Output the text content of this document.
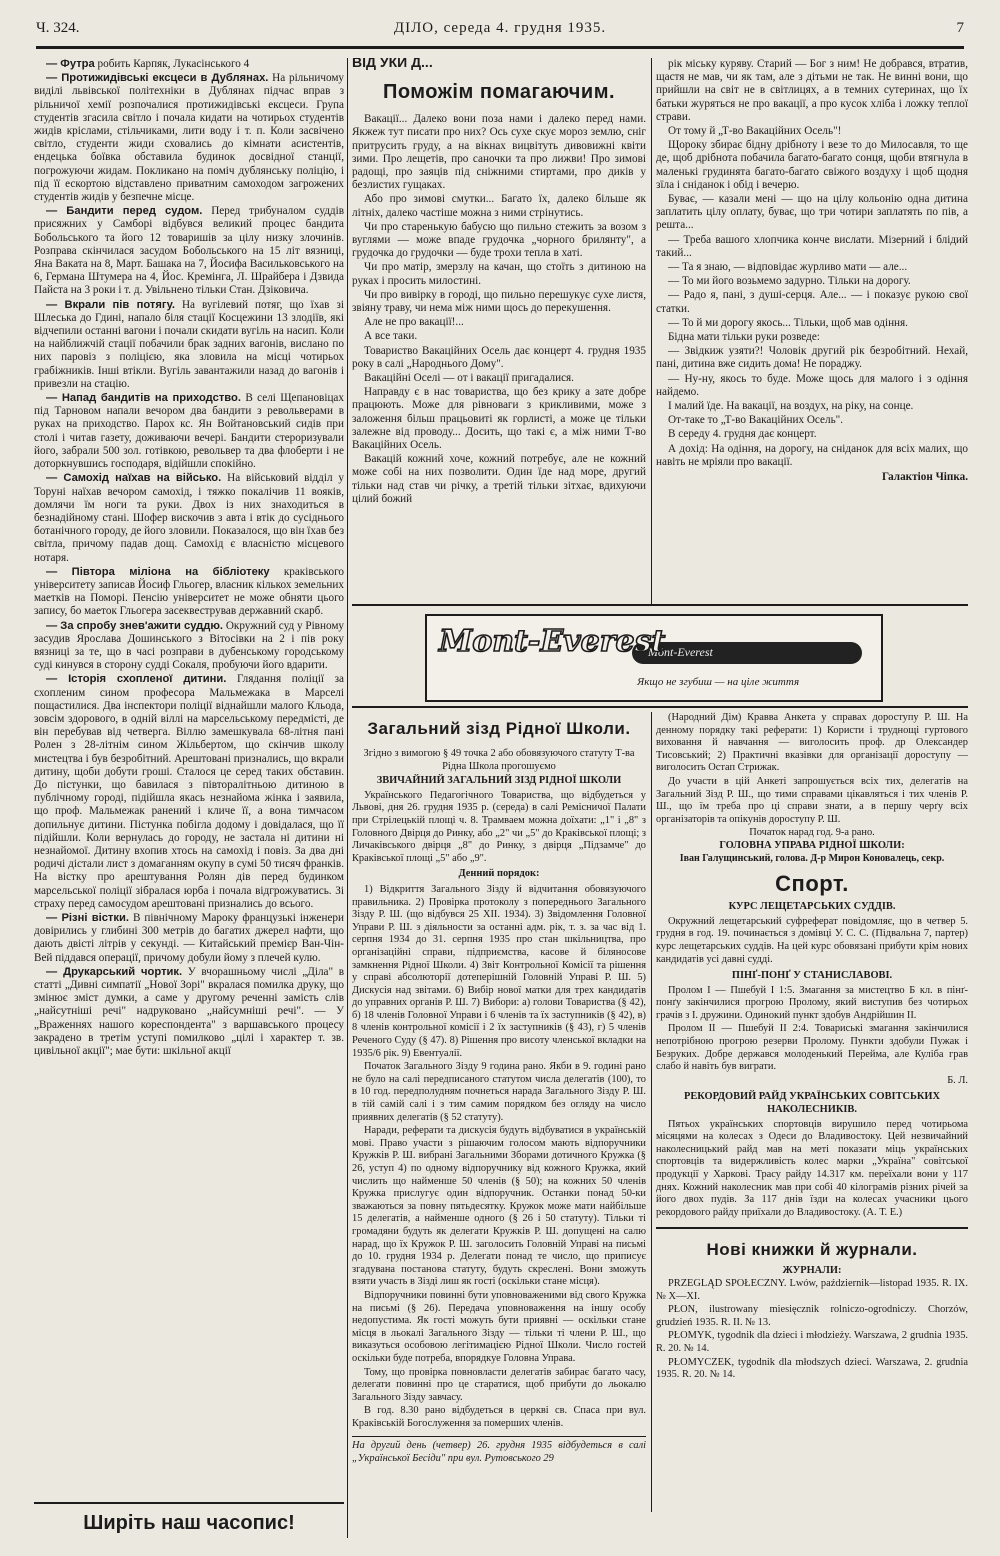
Ч. 324.	ДІЛО, середа 4. грудня 1935.	7

— Футра робить Карпяк, Лукасінського 4

— Протижидівські ексцеси в Дублянах. На рільничому виділі львівської політехніки в Дублянах підчас вправ з рільничої хемії розпочалися протижидівські ексцеси. Група студентів згасила світло і почала кидати на чотирьох студентів жидів кріслами, стільчиками, лити воду і т. п. Коли засвічено світло, студенти жиди сховались до кімнати асистентів, ендецька боївка обставила будинок досвідної станції, погрожуючи жидам. Покликано на поміч дублянську поліцію, і під її ескортою відставлено приватним самоходом загрожених студентів жидів у безпечне місце.

— Бандити перед судом. Перед трибуналом суддів присяжних у Самборі відбувся великий процес бандита Бобольського та його 12 товаришів за цілу низку злочинів. Розправа скінчилася засудом Бобольського на 15 літ вязниці, Яна Ваката на 8, Март. Башака на 7, Йосифа Васильковського на 6, Германа Штумера на 4, Йос. Кремінга, Л. Шрайбера і Дзвида Пайста на 3 роки і т. д. Увільнено тільки Стан. Дзіковича.

— Вкрали пів потягу. На вугілевий потяг, що їхав зі Шлеська до Гдині, напало біля стації Косцежини 13 злодіїв, які відчепили останні вагони і почали скидати вугіль на насип. Коли на найближчій стації побачили брак задних вагонів, вислано по них паровіз з поліцією, яка зловила на місці чотирьох грабіжників. Інші втікли. Вугіль завантажили назад до вагонів і привезли на стацію.

— Напад бандитів на приходство. В селі Щепановіцах під Тарновом напали вечором два бандити з револьверами в руках на приходство. Парох кс. Ян Войтановський сидів при столі і читав газету, доживаючи вечері. Бандити стероризували його, забрали 500 зол. готівкою, револьвер та два флоберти і не доторкнувшись господаря, відійшли спокійно.

— Самохід наїхав на військо. На військовий відділ у Торуні наїхав вечором самохід, і тяжко покалічив 11 вояків, домлячи їм ноги та руки. Двох із них знаходиться в безнадійному стані. Шофер вискочив з авта і втік до сусіднього ботанічного городу, де його зловили. Показалося, що він їхав без світла, причому падав дощ. Самохід є власністю місцевого нотаря.

— Півтора міліона на бібліотеку краківського університету записав Йосиф Гльогер, власник кількох земельних маетків на Поморі. Пенсію університет не може обняти цього запису, бо маеток Гльогера засеквестрував державний скарб.

— За спробу знев'ажити суддю. Окружний суд у Рівному засудив Ярослава Дошинського з Вітосівки на 2 і пів року вязниці за те, що в часі розправи в дубенському городському суді кинувся в сторону судді Сокаля, пробуючи його вдарити.

— Історія схопленої дитини. Глядання поліції за схопленим сином професора Мальмежака в Марселі пощастилися. Два інспектори поліції віднайшли малого Кльода, зовсім здорового, в одній віллі на марсельському передмісті, де він перебував від четверга. Віллю замешкувала 68-літня пані Ролен з 28-літнім сином Жільбертом, що скінчив школу мистецтва і був безробітний. Арештовані признались, що вкрали дитину, щоби добути гроші. Сталося це серед таких обставин. До пістунки, що бавилася з півторалітньою дитиною в публічному городі, підійшла якась незнайома жінка і заявила, що проф. Мальмежак ранений і кличе її, а вона тимчасом допильнує дитини. Пістунка побігла додому і довідалася, що її підійшли. Коли вернулась до городу, не застала ні дитини ні незнайомої. Дитину вхопив хтось на самохід і повіз. За два дні родичі дістали лист з домаганням окупу в сумі 50 тисяч франків. На вістку про арештування Ролян дів перед будинком марсельської поліції зібралася юрба і почала відгрожуватись. Зі страху перед самосудом арештовані признались до всього.

— Різні вістки. В північному Мароку французькі інженери довірились у глибині 300 метрів до багатих джерел нафти, що дають двісті літрів у секунді. — Китайський премієр Ван-Чін-Вей піддався операції, причому добули йому з плечей кулю.

— Друкарський чортик. У вчорашньому числі „Діла" в статті „Дивні симпатії „Нової Зорі" вкралася помилка друку, що змінює зміст думки, а саме у другому реченні замість слів „найсутніші речі" надруковано „найсумніші речі". — У „Враженнях нашого кореспондента" з варшавського процесу закрадено в третім уступі помилково „цілі і характер т. зв. цивільної акції"; мае бути: шкільної акції

Ширіть наш часопис!
ВІД УКИ Д...
Поможім помагаючим.

Вакації... Далеко вони поза нами і далеко перед нами. Якжеж тут писати про них? Ось сухе скує мороз землю, сніг притрусить груду, а на вікнах вицвітуть дивовижні квіти зими. Про лещетів, про саночки та про лижви! Про зимові радощі, про заяців під сніжними стиртами, про диків у безлистих гущаках.

Або про зимові смутки... Багато їх, далеко більше як літніх, далеко частіше можна з ними стрінутись.

Чи про старенькую бабусю що пильно стежить за возом з вуглями — може впаде грудочка „чорного брилянту", а грудочка до грудочки — буде трохи тепла в хаті.

Чи про матір, змерзлу на качан, що стоїть з дитиною на руках і просить милостині.

Чи про вивірку в городі, що пильно перешукує сухе листя, звіяну траву, чи нема між ними щось до перекушення.

Але не про вакації!...

А все таки.

Товариство Вакаційних Осель дає концерт 4. грудня 1935 року в салі „Народнього Дому".

Вакаційні Оселі — от і вакації пригадалися.

Направду є в нас товариства, що без крику а зате добре працюють. Може для рівноваги з крикливими, може з заложення більш працьовиті як горлисті, а може це тільки залежне від проводу... Досить, що такі є, а між ними Т-во Вакаційних Осель.

Вакацій кожний хоче, кожний потребує, але не кожний може собі на них позволити. Один їде над море, другий тільки над став чи річку, а третій тільки зітхає, вдихуючи цілий божий

рік міську куряву. Старий — Бог з ним! Не добрався, втратив, щастя не мав, чи як там, але з дітьми не так. Не винні вони, що прийшли на світ не в світлицях, а в темних сутеринах, що їх батьки журяться не про вакації, а про кусок хліба і ложку теплої страви.

От тому й „Т-во Вакаційних Осель"!

Щороку збирає бідну дрібноту і везе то до Милосавля, то ще де, щоб дрібнота побачила багато-багато сонця, щоби втягнула в маленькі грудинята багато-багато свіжого воздуху і щоб щодня зїла і сніданок і обід і вечерю.

Буває, — казали мені — що на цілу кольонію одна дитина заплатить цілу оплату, буває, що три чотири заплатять по пів, а решта...

— Треба вашого хлопчика конче вислати. Мізерний і блідий такий...

— Та я знаю, — відповідає журливо мати — але...

— То ми його возьмемо задурно. Тільки на дорогу.

— Радо я, пані, з душі-серця. Але... — і показує рукою свої статки.

— То й ми дорогу якось... Тільки, щоб мав одіння.

Бідна мати тільки руки розведе:

— Звідкиж узяти?! Чоловік другий рік безробітний. Нехай, пані, дитина вже сидить дома! Не пораджу.

— Ну-ну, якось то буде. Може щось для малого і з одіння найдемо.

І малий їде. На вакації, на воздух, на ріку, на сонце.

От-таке то „Т-во Вакаційних Осель".

В середу 4. грудня дає концерт.

А дохід: На одіння, на дорогу, на сніданок для всіх малих, що навіть не мріяли про вакації.

Галактіон Чіпка.
Mont-Everest
Mont-Everest
Якщо не згубиш — на ціле життя
Загальний зізд Рідної Школи.
Згідно з вимогою § 49 точка 2 або обовязуючого статуту Т-ва Рідна Школа прогошуємо
ЗВИЧАЙНИЙ ЗАГАЛЬНИЙ ЗІЗД РІДНОЇ ШКОЛИ

Українського Педагогічного Товариства, що відбудеться у Львові, дня 26. грудня 1935 р. (середа) в салі Ремісничої Палати при Стрілецькій площі ч. 8. Трамваем можна доїхати: „1" і „8" з Головного Двірця до Ринку, або „2" чи „5" до Краківської площі; з Личаківського двірця „8" до Ринку, з двірця „Підзамче" до Краківської площі „5" або „9".

Денний порядок:

1) Відкриття Загального Зізду й відчитання обовязуючого правильника. 2) Провірка протоколу з попереднього Загального Зізду Р. Ш. (що відбувся 25 XII. 1934). 3) Звідомлення Головної Управи Р. Ш. з діяльности за останні адм. рік, т. з. за час від 1. серпня 1934 до 31. серпня 1935 про стан шкільництва, про організаційні справи, підприємства, касове й біляносове замкнення Рідної Школи. 4) Звіт Контрольної Комісії та рішення у справі абсолюторії дотеперішній Головній Управі Р. Ш. 5) Дискусія над звітами. 6) Вибір нової матки для трех кандидатів до управних органів Р. Ш. 7) Вибори: а) голови Товариства (§ 42), б) 18 членів Головної Управи і 6 членів та їх заступників (§ 42), в) 8 членів контрольної комісії і 2 їх заступників (§ 43), г) 5 членів Реченого Суду (§ 47). 8) Рішення про висоту членської вкладки на 1935/6 рік. 9) Евентуалії.

Початок Загального Зізду 9 година рано. Якби в 9. годині рано не було на салі передписаного статутом числа делегатів (100), то в 10 год. передполудням почнеться нарада Загального Зізду Р. Ш. в тій самій салі і з тим самим порядком без огляду на число приявних делегатів (§ 52 статуту).

Наради, реферати та дискусія будуть відбуватися в українській мові. Право участи з рішаючим голосом мають відпоручники Кружків Р. Ш. вибрані Загальними Зборами дотичного Кружка (§ 26, уступ 4) по одному відпоручнику від кожного Кружка, який числить що найменше 50 членів (§ 50); на кожних 50 членів Кружка прислугує один відпоручник. Останки понад 50-ки зважаються за повну пятьдесятку. Кружок може мати найбільше 15 делегатів, а найменше одного (§ 26 і 50 статуту). Тільки ті громадяни будуть як делегати Кружків Р. Ш. допущені на салю нарад, що їх Кружок Р. Ш. заголосить Головній Управі на письмі до 10. грудня 1934 р. Делегати понад те число, що приписує згадувана постанова статуту, будуть скреслені. Вони зможуть взяти участь в Зізді лиш як гості (оскільки стане місця).

Відпоручники повинні бути уповноваженими від свого Кружка на письмі (§ 26). Передача уповноваження на іншу особу недопустима. Як гості можуть бути приявні — оскільки стане місця в льокалі Загального Зізду — тільки ті члени Р. Ш., що виказуться особовою легітимацією Рідної Школи. Число гостей оскільки буде потреба, впорядкуе Головна Управа.

Тому, що провірка повновласти делегатів забирає багато часу, делегати повинні про це старатися, щоб прибути до льокалю Загального Зізду завчасу.

В год. 8.30 рано відбудеться в церкві св. Спаса при вул. Краківській Богослуження за померших членів.

На другий день (четвер) 26. грудня 1935 відбудеться в салі „Української Бесіди" при вул. Рутовського 29

(Народний Дім) Кравва Анкета у справах дороступу Р. Ш. На денному порядку такі реферати: 1) Користи і труднощі гуртового виховання й навчання — виголосить проф. др Олександер Тисовський; 2) Практичні вказівки для організації дороступу — виголосить Остап Стрижак.

До участи в цій Анкеті запрошується всіх тих, делегатів на Загальний Зізд Р. Ш., що тими справами цікавляться і тих членів Р. Ш., що їм треба про ці справи знати, а в першу черґу всіх організаторів та опікунів дороступу Р. Ш.

Початок нарад год. 9-а рано.
ГОЛОВНА УПРАВА РІДНОЇ ШКОЛИ:
Іван Галущинський, голова. Д-р Мирон Коновалець, секр.
Спорт.
КУРС ЛЕЩЕТАРСЬКИХ СУДДІВ.

Окружний лещетарський суфреферат повідомляє, що в четвер 5. грудня в год. 19. починається з домівці У. С. С. (Підвальна 7, партер) курс лещетарських суддів. На цей курс обовязані прибути крім нових кандидатів усі давні судді.

ПІНҐ-ПОНҐ У СТАНИСЛАВОВІ.

Пролом І — Пшебуй І 1:5. Змагання за мистецтво Б кл. в пінґ-понґу закінчилися прогрою Пролому, який виступив без чотирьох грачів з І. дружини. Одинокий пункт здобув Андрійшин ІІ.

Пролом ІІ — Пшебуй ІІ 2:4. Товариські змагання закінчилися непотрібною прогрою резерви Пролому. Пункти здобули Пужак і Безруких. Добре держався молоденький Перейма, але Куліба грав слабо й навіть був виграти.

Б. Л.

РЕКОРДОВИЙ РАЙД УКРАЇНСЬКИХ СОВІТСЬКИХ НАКОЛЕСНИКІВ.

Пятьох українських спортовців вирушило перед чотирьома місяцями на колесах з Одеси до Владивостоку. Цей незвичайний наколесницький райд мав на меті показати міць українських спортовців та видержливість колес марки „Україна" совітської продукції у Харкові. Трасу райду 14.317 км. переїхали вони у 117 днях. Кожний наколесник мав при собі 40 кілограмів різних річей за його двох пудів. За 117 днів їзди на колесах учасники цього рекордового райду приїхали до Владивостоку. (А. Т. Е.)

Нові книжки й журнали.
ЖУРНАЛИ:

PRZEGLĄD SPOŁECZNY. Lwów, październik—listopad 1935. R. IX. № X—XI.

PŁON, ilustrowany miesięcznik rolniczo-ogrodniczy. Chorzów, grudzień 1935. R. II. № 13.

PŁOMYK, tygodnik dla dzieci i młodzieży. Warszawa, 2 grudnia 1935. R. 20. № 14.

PŁOMYCZEK, tygodnik dla młodszych dzieci. Warszawa, 2. grudnia 1935. R. 20. № 14.
